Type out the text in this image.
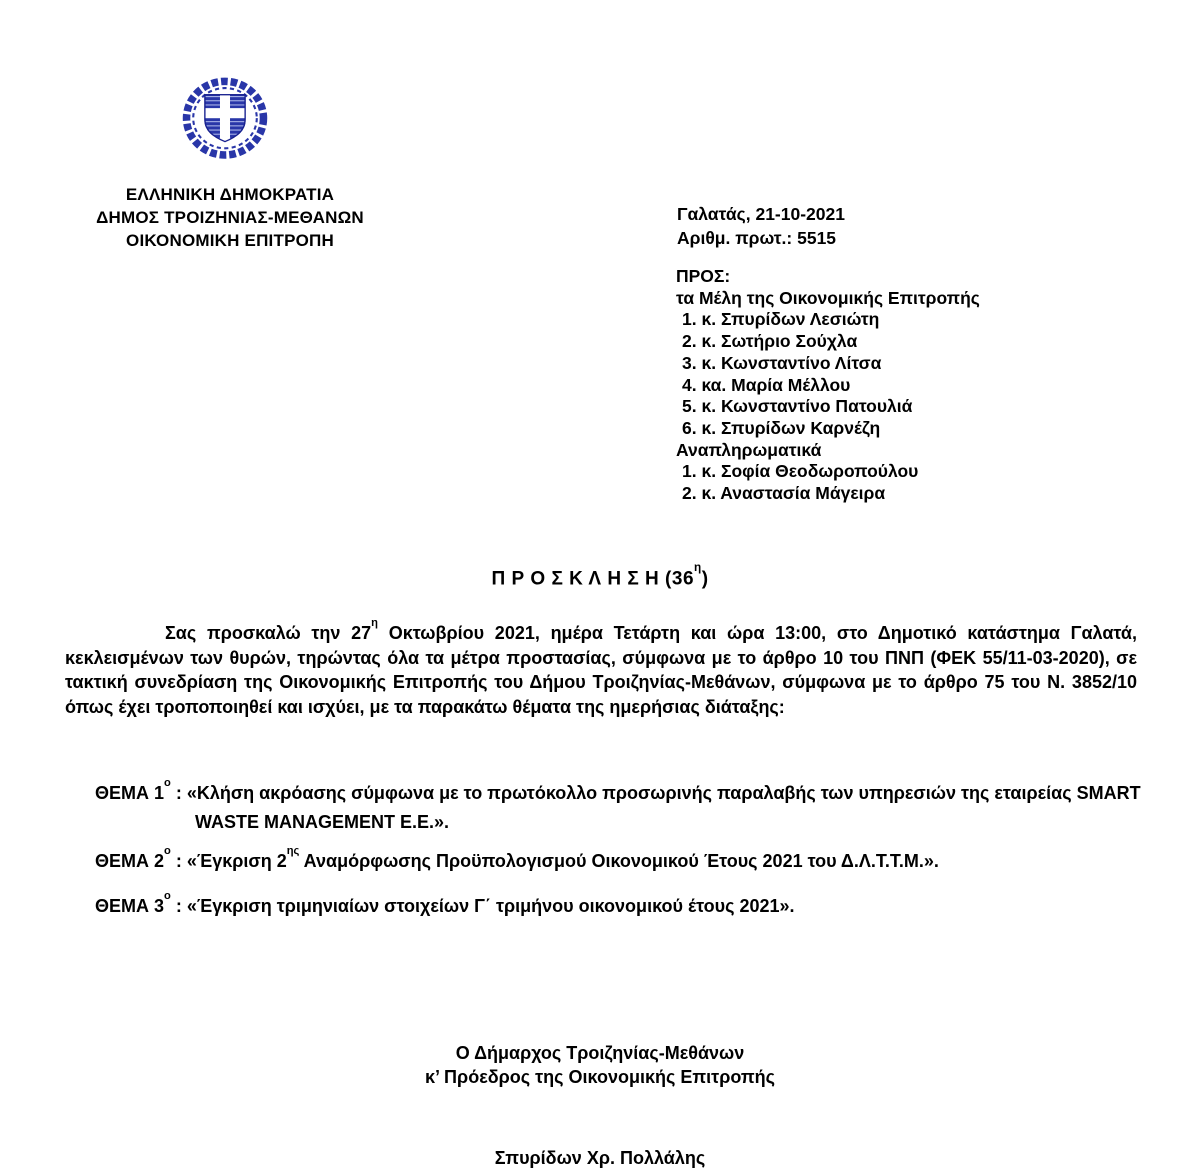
ΕΛΛΗΝΙΚΗ ΔΗΜΟΚΡΑΤΙΑ
ΔΗΜΟΣ ΤΡΟΙΖΗΝΙΑΣ-ΜΕΘΑΝΩΝ
ΟΙΚΟΝΟΜΙΚΗ ΕΠΙΤΡΟΠΗ
Γαλατάς, 21-10-2021
Αριθμ. πρωτ.: 5515
ΠΡΟΣ:
τα Μέλη της Οικονομικής Επιτροπής
1. κ. Σπυρίδων Λεσιώτη
2. κ. Σωτήριο Σούχλα
3. κ. Κωνσταντίνο Λίτσα
4. κα. Μαρία Μέλλου
5. κ. Κωνσταντίνο Πατουλιά
6. κ. Σπυρίδων Καρνέζη
Αναπληρωματικά
1. κ. Σοφία Θεοδωροπούλου
2. κ. Αναστασία Μάγειρα
Π Ρ Ο Σ Κ Λ Η Σ Η $(36^\eta)$

Σας προσκαλώ την $27^\eta$ Οκτωβρίου 2021, ημέρα Τετάρτη και ώρα 13:00, στο Δημοτικό κατάστημα Γαλατά, κεκλεισμένων των θυρών, τηρώντας όλα τα μέτρα προστασίας, σύμφωνα με το άρθρο 10 του ΠΝΠ (ΦΕΚ 55/11-03-2020), σε τακτική συνεδρίαση της Οικονομικής Επιτροπής του Δήμου Τροιζηνίας-Μεθάνων, σύμφωνα με το άρθρο 75 του Ν. 3852/10 όπως έχει τροποποιηθεί και ισχύει, με τα παρακάτω θέματα της ημερήσιας διάταξης:

ΘΕΜΑ $1^o$ : «Κλήση ακρόασης σύμφωνα με το πρωτόκολλο προσωρινής παραλαβής των υπηρεσιών της εταιρείας SMART WASTE MANAGEMENT Ε.Ε.».
ΘΕΜΑ $2^o$ : «Έγκριση $2^{\eta\varsigma}$ Αναμόρφωσης Προϋπολογισμού Οικονομικού Έτους 2021 του Δ.Λ.Τ.Τ.Μ.».
ΘΕΜΑ $3^o$ : «Έγκριση τριμηνιαίων στοιχείων Γ΄ τριμήνου οικονομικού έτους 2021».
Ο Δήμαρχος Τροιζηνίας-Μεθάνων
κ’ Πρόεδρος της Οικονομικής Επιτροπής
Σπυρίδων Χρ. Πολλάλης
